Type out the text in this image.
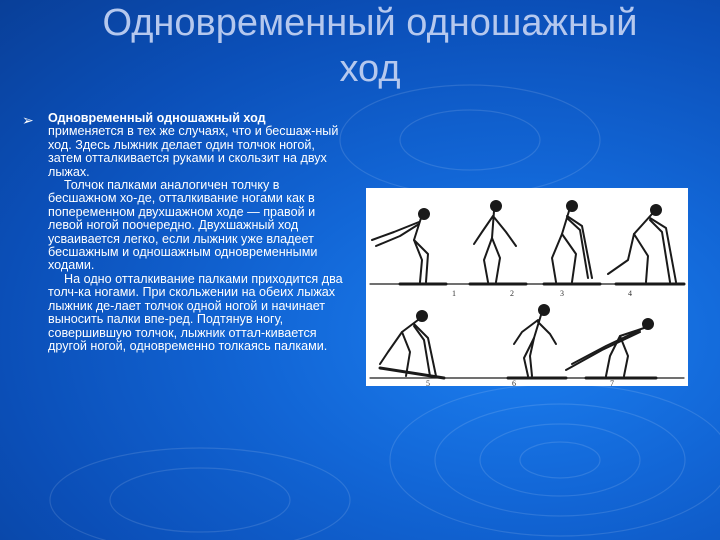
Одновременный одношажный
ход
➢ Одновременный одношажный ход применяется в тех же случаях, что и бесшаж-ный ход. Здесь лыжник делает один толчок ногой, затем отталкивается руками и скользит на двух лыжах.

Толчок палками аналогичен толчку в бесшажном хо-де, отталкивание ногами как в попеременном двухшажном ходе — правой и левой ногой поочередно. Двухшажный ход усваивается легко, если лыжник уже владеет бесшажным и одношажным одновременными ходами.

На одно отталкивание палками приходится два толч-ка ногами. При скольжении на обеих лыжах лыжник де-лает толчок одной ногой и начинает выносить палки впе-ред. Подтянув ногу, совершившую толчок, лыжник оттал-кивается другой ногой, одновременно толкаясь палками.

1	2	3	4
5	6	7
